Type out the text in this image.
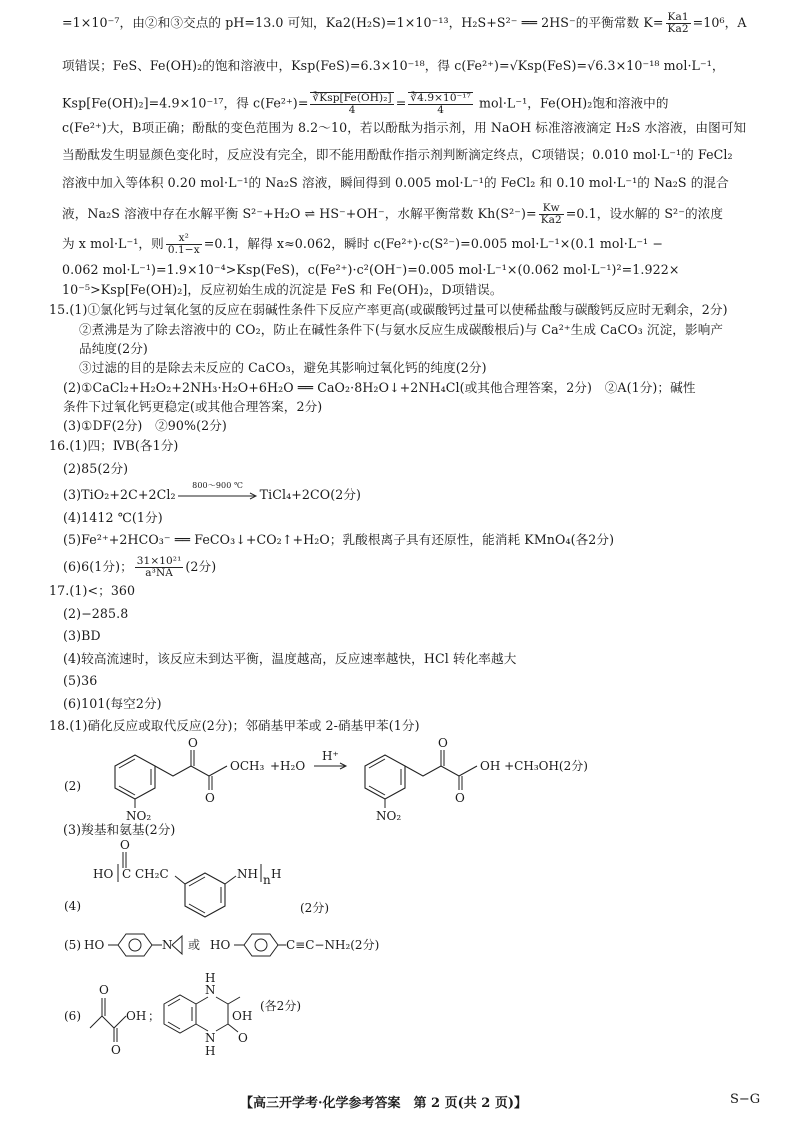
=1×10⁻⁷，由②和③交点的 pH=13.0 可知，Ka2(H₂S)=1×10⁻¹³，H₂S+S²⁻ ══ 2HS⁻的平衡常数 $K= \frac{Ka1}{Ka2} =10^6$，A
项错误；FeS、Fe(OH)₂的饱和溶液中，Ksp(FeS)=6.3×10⁻¹⁸，得 c(Fe²⁺)=√Ksp(FeS)=√6.3×10⁻¹⁸ mol·L⁻¹，
Ksp[Fe(OH)₂]=4.9×10⁻¹⁷，得 $c(Fe^{2+})= \frac{\text{∛Ksp[Fe(OH)₂]}}{4} = \frac{\text{∛4.9×10⁻¹⁷}}{4} mol\cdot L^{-1}$，Fe(OH)₂饱和溶液中的
c(Fe²⁺)大，B项正确；酚酞的变色范围为 8.2～10，若以酚酞为指示剂，用 NaOH 标准溶液滴定 H₂S 水溶液，由图可知
当酚酞发生明显颜色变化时，反应没有完全，即不能用酚酞作指示剂判断滴定终点，C项错误；0.010 mol·L⁻¹的 FeCl₂
溶液中加入等体积 0.20 mol·L⁻¹的 Na₂S 溶液，瞬间得到 0.005 mol·L⁻¹的 FeCl₂ 和 0.10 mol·L⁻¹的 Na₂S 的混合
液，Na₂S 溶液中存在水解平衡 S²⁻+H₂O ⇌ HS⁻+OH⁻，水解平衡常数 $Kh(S^{2-})= \frac{Kw}{Ka2} =0.1$，设水解的 S²⁻的浓度
为 x mol·L⁻¹，则 $\frac{\text{x²}}{0.1-x} =0.1$，解得 x≈0.062，瞬时 c(Fe²⁺)·c(S²⁻)=0.005 mol·L⁻¹×(0.1 mol·L⁻¹ −
0.062 mol·L⁻¹)=1.9×10⁻⁴>Ksp(FeS)，c(Fe²⁺)·c²(OH⁻)=0.005 mol·L⁻¹×(0.062 mol·L⁻¹)²=1.922×
10⁻⁵>Ksp[Fe(OH)₂]，反应初始生成的沉淀是 FeS 和 Fe(OH)₂，D项错误。
15.(1)①氯化钙与过氧化氢的反应在弱碱性条件下反应产率更高(或碳酸钙过量可以使稀盐酸与碳酸钙反应时无剩余，2分)
②煮沸是为了除去溶液中的 CO₂，防止在碱性条件下(与氨水反应生成碳酸根后)与 Ca²⁺生成 CaCO₃ 沉淀，影响产
品纯度(2分)
③过滤的目的是除去未反应的 CaCO₃，避免其影响过氧化钙的纯度(2分)
(2)①CaCl₂+H₂O₂+2NH₃·H₂O+6H₂O ══ CaO₂·8H₂O↓+2NH₄Cl(或其他合理答案，2分)　②A(1分)；碱性
条件下过氧化钙更稳定(或其他合理答案，2分)
(3)①DF(2分)　②90%(2分)
16.(1)四；ⅣB(各1分)
(2)85(2分)
(3)TiO₂+2C+2Cl₂
800～900 ℃
TiCl₄+2CO(2分)
(4)1412 ℃(1分)
(5)Fe²⁺+2HCO₃⁻ ══ FeCO₃↓+CO₂↑+H₂O；乳酸根离子具有还原性，能消耗 KMnO₄(各2分)
(6)6(1分)； $\frac{\text{31×10²¹}}{\text{a³NA}} (2$分)
17.(1)<；360
(2)−285.8
(3)BD
(4)较高流速时，该反应未到达平衡，温度越高，反应速率越快，HCl 转化率越大
(5)36
(6)101(每空2分)
18.(1)硝化反应或取代反应(2分)；邻硝基甲苯或 2-硝基甲苯(1分)
(2)
NO₂
O
O
OCH₃ +H₂O
H⁺
NO₂
O
O
OH +CH₃OH(2分)
(3)羧基和氨基(2分)
(4)
HO
O
C CH₂C	NH n H
(2分)
(5) HO	N 或 HO	C≡C−NH₂(2分)
(6)
O
O
OH ；
N
H
N
H
O
OH
(各2分)
【高三开学考·化学参考答案　第 2 页(共 2 页)】	S−G
